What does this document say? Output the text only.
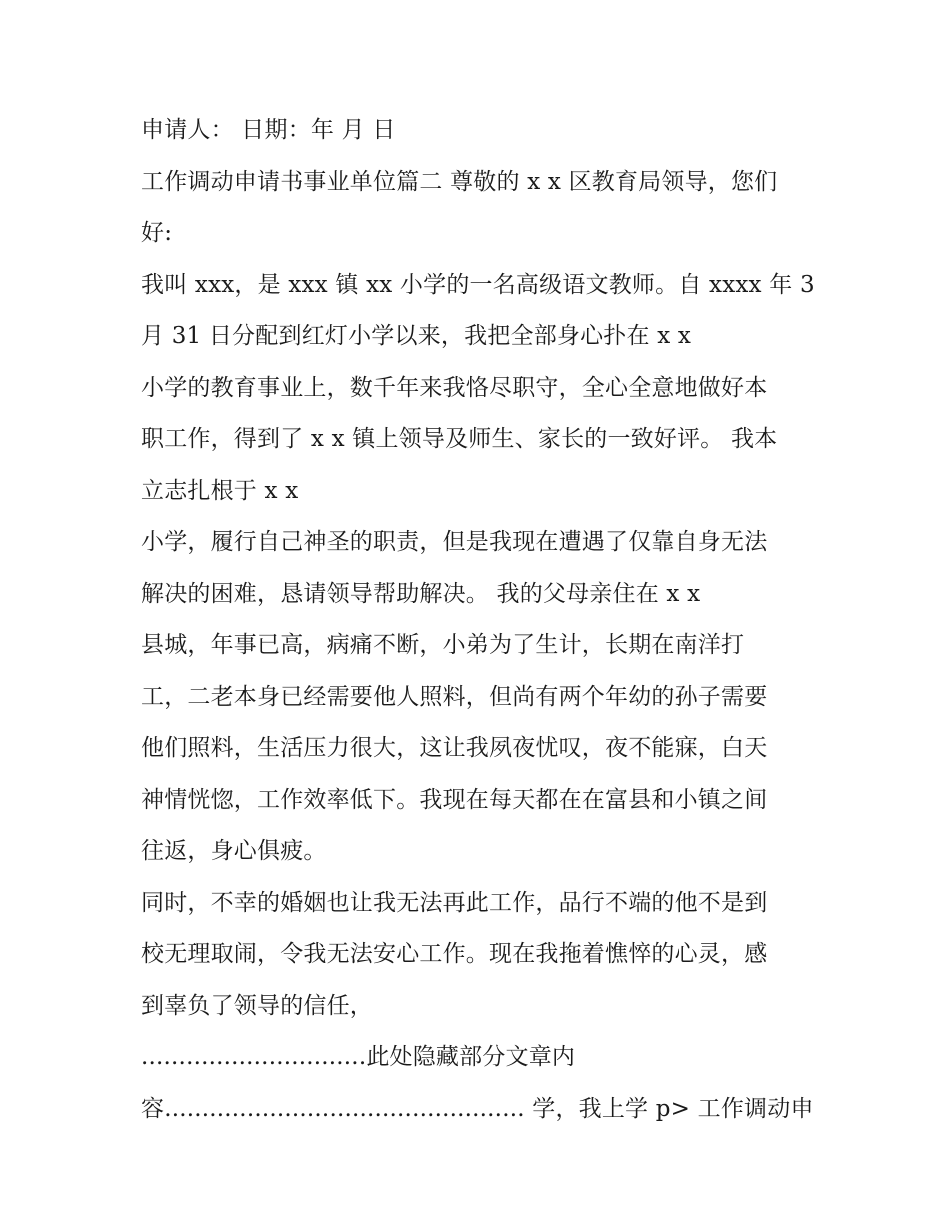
申请人： 日期：年 月 日
工作调动申请书事业单位篇二 尊敬的 x x 区教育局领导，您们
好:
我叫 xxx，是 xxx 镇 xx 小学的一名高级语文教师。自 xxxx 年 3
月 31 日分配到红灯小学以来，我把全部身心扑在 x x
小学的教育事业上，数千年来我恪尽职守，全心全意地做好本
职工作，得到了 x x 镇上领导及师生、家长的一致好评。 我本
立志扎根于 x x
小学，履行自己神圣的职责，但是我现在遭遇了仅靠自身无法
解决的困难，恳请领导帮助解决。 我的父母亲住在 x x
县城，年事已高，病痛不断，小弟为了生计，长期在南洋打
工，二老本身已经需要他人照料，但尚有两个年幼的孙子需要
他们照料，生活压力很大，这让我夙夜忧叹，夜不能寐，白天
神情恍惚，工作效率低下。我现在每天都在在富县和小镇之间
往返，身心俱疲。
同时，不幸的婚姻也让我无法再此工作，品行不端的他不是到
校无理取闹，令我无法安心工作。现在我拖着憔悴的心灵，感
到辜负了领导的信任，
..............................此处隐藏部分文章内
容................................................ 学，我上学 p> 工作调动申
